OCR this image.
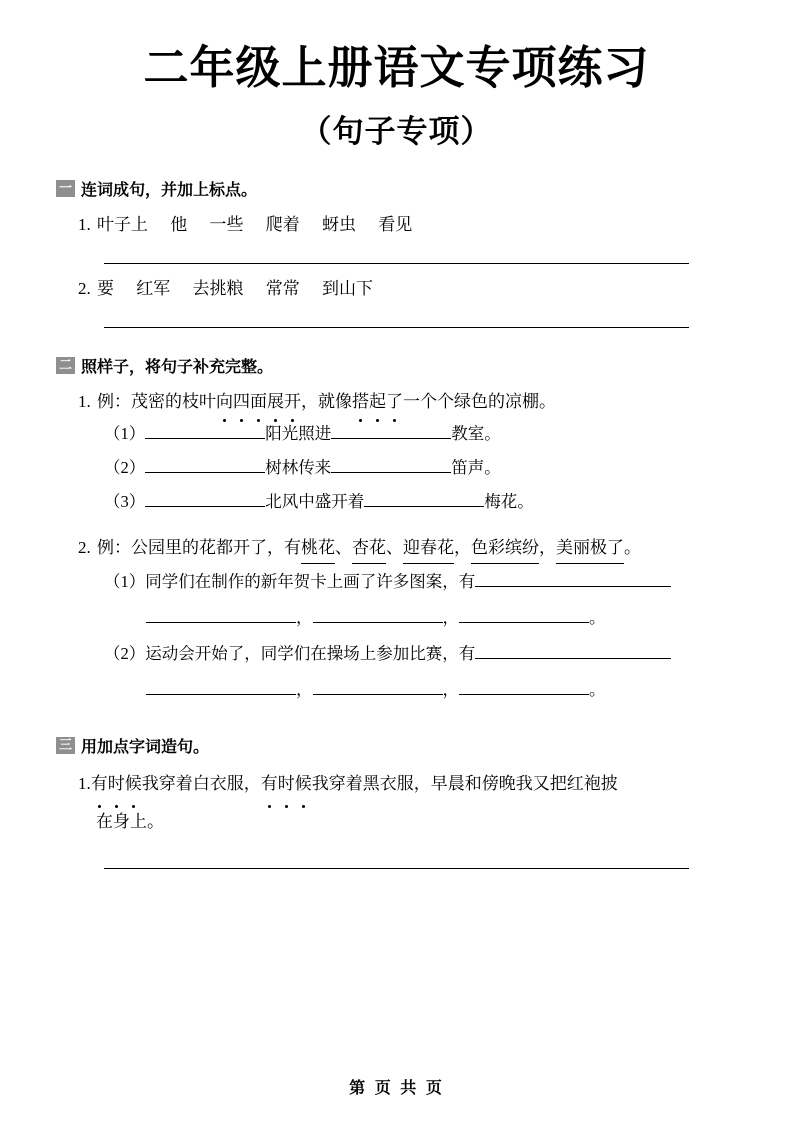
二年级上册语文专项练习
（句子专项）
一 连词成句，并加上标点。
1. 叶子上 他 一些 爬着 蚜虫 看见
2. 要 红军 去挑粮 常常 到山下
二 照样子，将句子补充完整。
1. 例：茂密的枝叶向四面展开，就像搭起了一个个绿色的凉棚。
（1）	阳光照进	教室。
（2）	树林传来	笛声。
（3）	北风中盛开着	梅花。
2. 例：公园里的花都开了，有桃花、杏花、迎春花，色彩缤纷，美丽极了。
（1）同学们在制作的新年贺卡上画了许多图案，有
，	，	。
（2）运动会开始了，同学们在操场上参加比赛，有
，	，	。
三 用加点字词造句。
1.有时候我穿着白衣服，有时候我穿着黑衣服，早晨和傍晚我又把红袍披
在身上。
第 页 共 页
